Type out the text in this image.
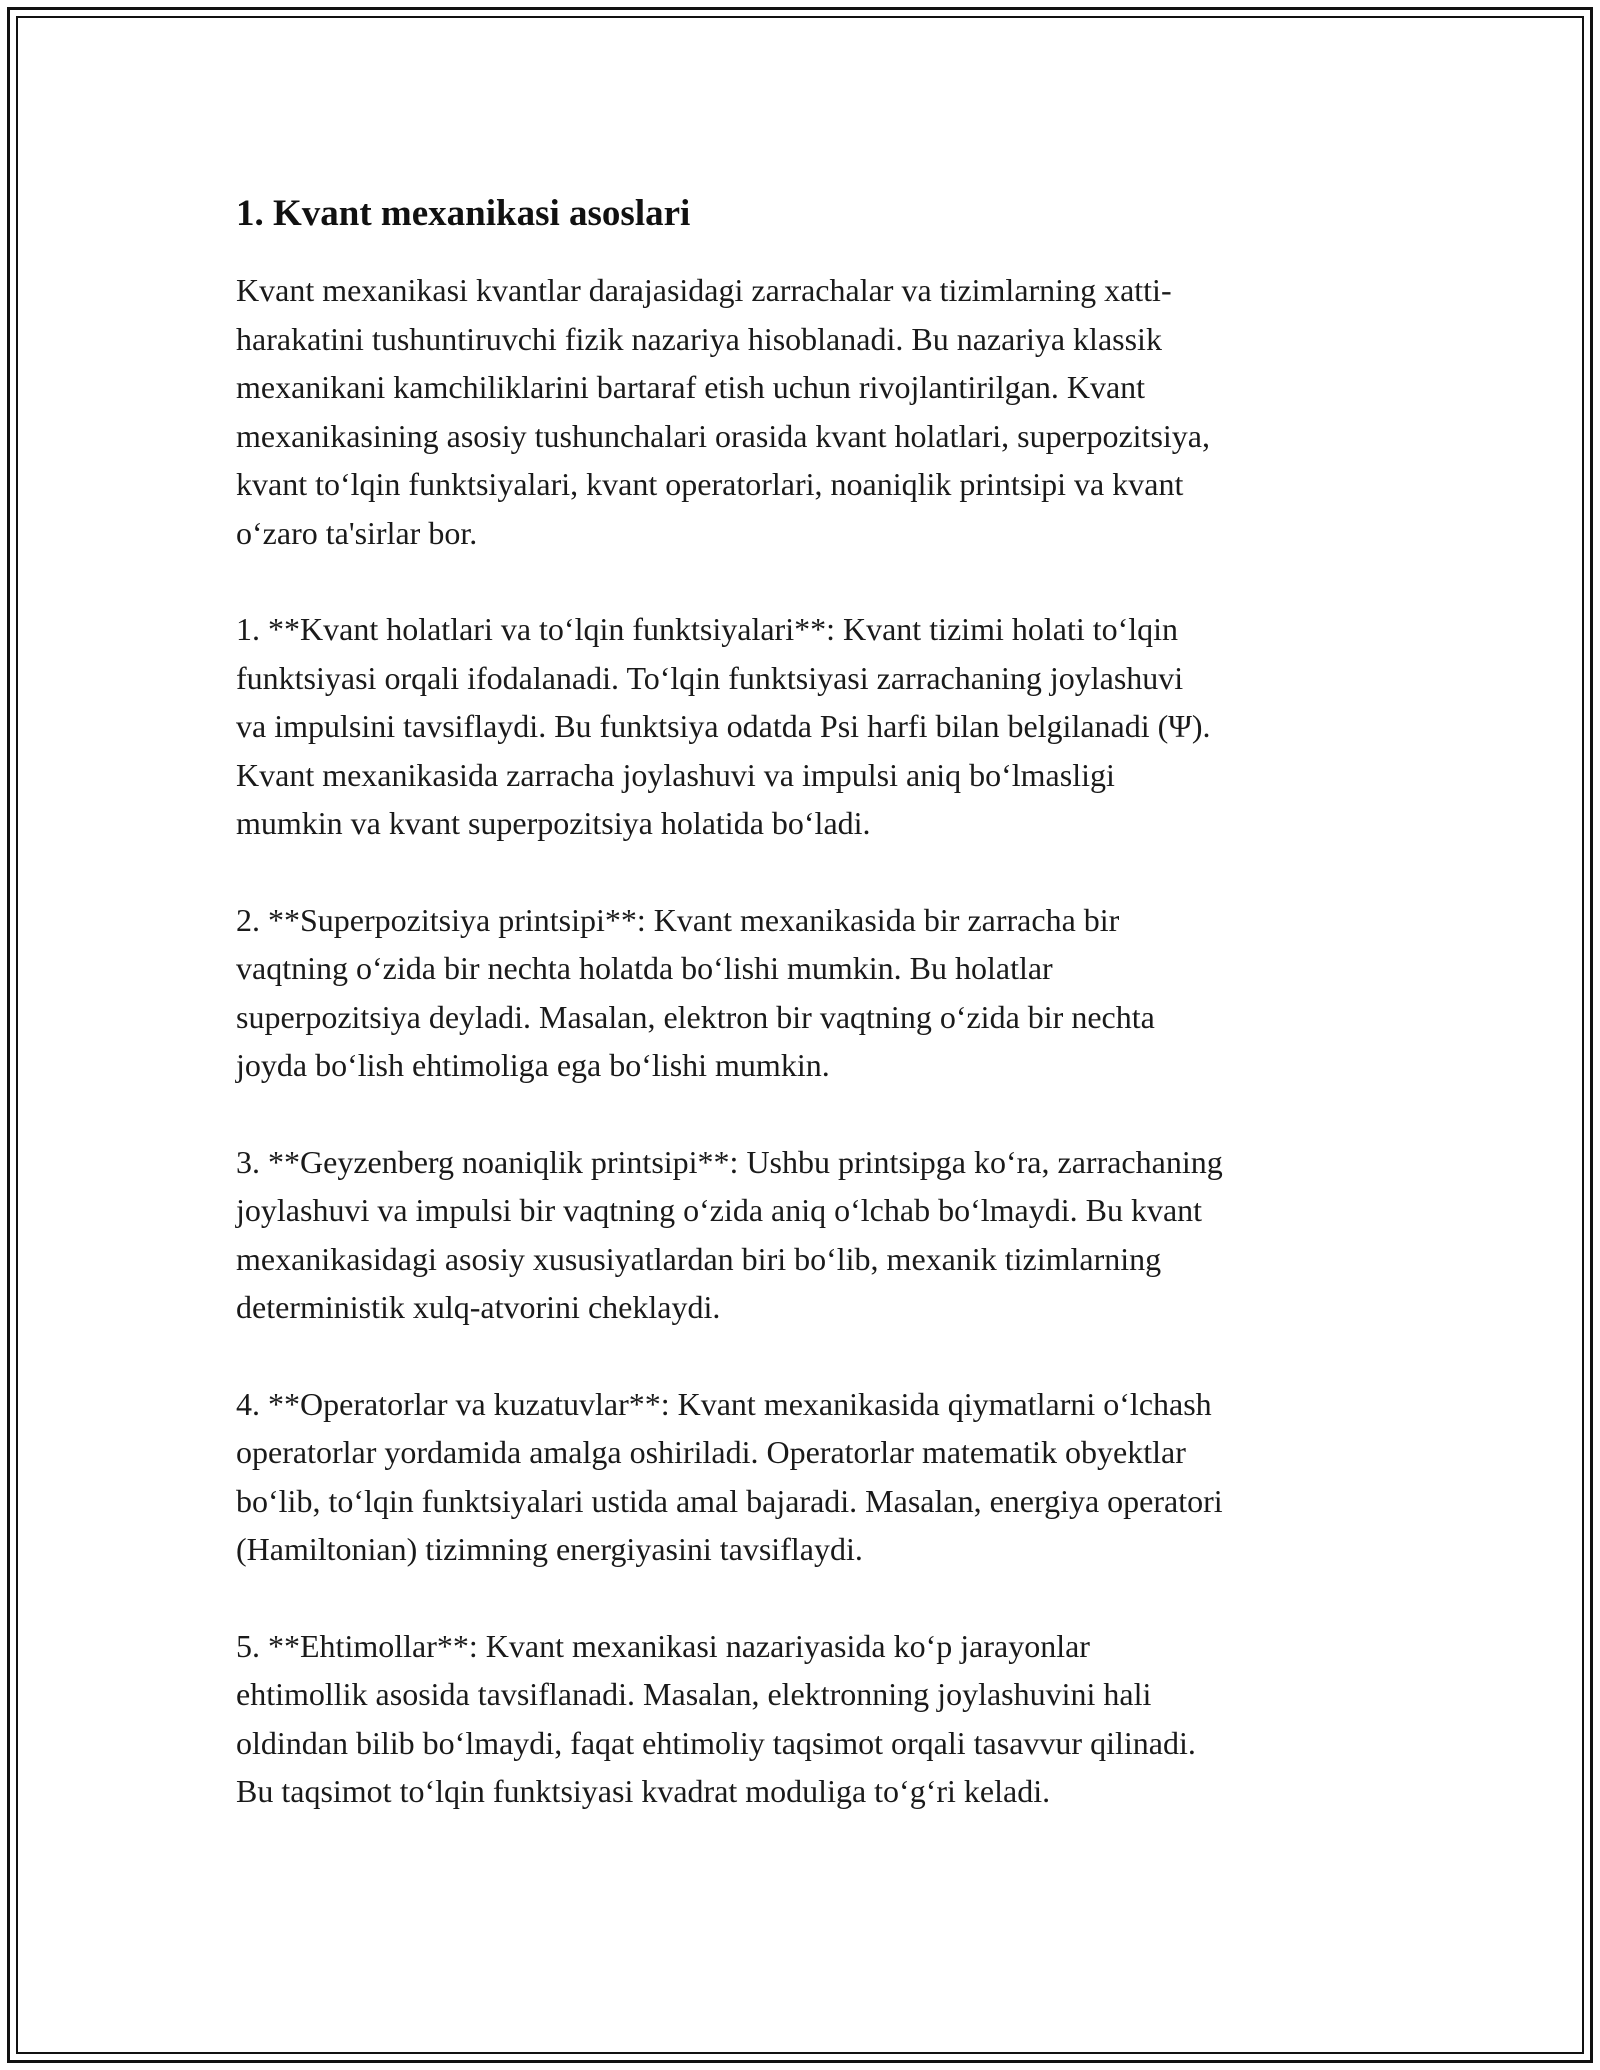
1. Kvant mexanikasi asoslari

Kvant mexanikasi kvantlar darajasidagi zarrachalar va tizimlarning xatti-
harakatini tushuntiruvchi fizik nazariya hisoblanadi. Bu nazariya klassik
mexanikani kamchiliklarini bartaraf etish uchun rivojlantirilgan. Kvant
mexanikasining asosiy tushunchalari orasida kvant holatlari, superpozitsiya,
kvant to‘lqin funktsiyalari, kvant operatorlari, noaniqlik printsipi va kvant
o‘zaro ta'sirlar bor.

1. **Kvant holatlari va to‘lqin funktsiyalari**: Kvant tizimi holati to‘lqin
funktsiyasi orqali ifodalanadi. To‘lqin funktsiyasi zarrachaning joylashuvi
va impulsini tavsiflaydi. Bu funktsiya odatda Psi harfi bilan belgilanadi (Ψ).
Kvant mexanikasida zarracha joylashuvi va impulsi aniq bo‘lmasligi
mumkin va kvant superpozitsiya holatida bo‘ladi.

2. **Superpozitsiya printsipi**: Kvant mexanikasida bir zarracha bir
vaqtning o‘zida bir nechta holatda bo‘lishi mumkin. Bu holatlar
superpozitsiya deyladi. Masalan, elektron bir vaqtning o‘zida bir nechta
joyda bo‘lish ehtimoliga ega bo‘lishi mumkin.

3. **Geyzenberg noaniqlik printsipi**: Ushbu printsipga ko‘ra, zarrachaning
joylashuvi va impulsi bir vaqtning o‘zida aniq o‘lchab bo‘lmaydi. Bu kvant
mexanikasidagi asosiy xususiyatlardan biri bo‘lib, mexanik tizimlarning
deterministik xulq-atvorini cheklaydi.

4. **Operatorlar va kuzatuvlar**: Kvant mexanikasida qiymatlarni o‘lchash
operatorlar yordamida amalga oshiriladi. Operatorlar matematik obyektlar
bo‘lib, to‘lqin funktsiyalari ustida amal bajaradi. Masalan, energiya operatori
(Hamiltonian) tizimning energiyasini tavsiflaydi.

5. **Ehtimollar**: Kvant mexanikasi nazariyasida ko‘p jarayonlar
ehtimollik asosida tavsiflanadi. Masalan, elektronning joylashuvini hali
oldindan bilib bo‘lmaydi, faqat ehtimoliy taqsimot orqali tasavvur qilinadi.
Bu taqsimot to‘lqin funktsiyasi kvadrat moduliga to‘g‘ri keladi.
